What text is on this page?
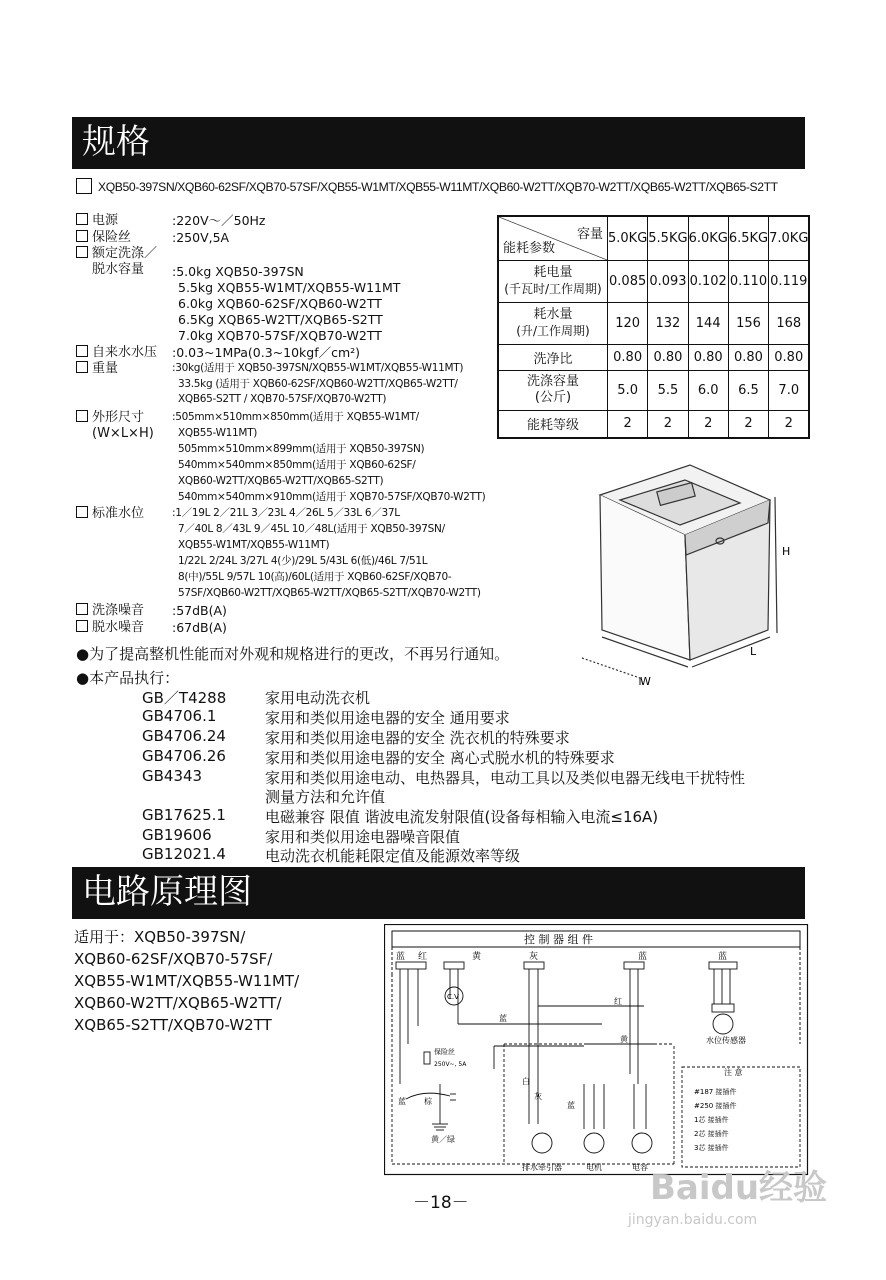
规格
XQB50-397SN/XQB60-62SF/XQB70-57SF/XQB55-W1MT/XQB55-W11MT/XQB60-W2TT/XQB70-W2TT/XQB65-W2TT/XQB65-S2TT
电源	:220V～／50Hz
保险丝	:250V,5A
额定洗涤／
脱水容量 :5.0kg XQB50-397SN
5.5kg XQB55-W1MT/XQB55-W11MT
6.0kg XQB60-62SF/XQB60-W2TT
6.5Kg XQB65-W2TT/XQB65-S2TT
7.0kg XQB70-57SF/XQB70-W2TT
自来水水压 :0.03~1MPa(0.3~10kgf／cm²)
重量	:30kg(适用于 XQB50-397SN/XQB55-W1MT/XQB55-W11MT)
33.5kg (适用于 XQB60-62SF/XQB60-W2TT/XQB65-W2TT/
XQB65-S2TT / XQB70-57SF/XQB70-W2TT)
外形尺寸
(W×L×H)
:505mm×510mm×850mm(适用于 XQB55-W1MT/
XQB55-W11MT)
505mm×510mm×899mm(适用于 XQB50-397SN)
540mm×540mm×850mm(适用于 XQB60-62SF/
XQB60-W2TT/XQB65-W2TT/XQB65-S2TT)
540mm×540mm×910mm(适用于 XQB70-57SF/XQB70-W2TT)
标准水位	:1／19L 2／21L 3／23L 4／26L 5／33L 6／37L
7／40L 8／43L 9／45L 10／48L(适用于 XQB50-397SN/
XQB55-W1MT/XQB55-W11MT)
1/22L 2/24L 3/27L 4(少)/29L 5/43L 6(低)/46L 7/51L
8(中)/55L 9/57L 10(高)/60L(适用于 XQB60-62SF/XQB70-
57SF/XQB60-W2TT/XQB65-W2TT/XQB65-S2TT/XQB70-W2TT)
洗涤噪音 :57dB(A)
脱水噪音 :67dB(A)
容量
能耗参数	5.0KG	5.5KG	6.0KG	6.5KG	7.0KG
耗电量
(千瓦时/工作周期)	0.085	0.093	0.102	0.110	0.119
耗水量
(升/工作周期)	120	132	144	156	168
洗净比	0.80	0.80	0.80	0.80	0.80
洗涤容量
(公斤)	5.0	5.5	6.0	6.5	7.0
能耗等级	2	2	2	2	2
H
L
W
●为了提高整机性能而对外观和规格进行的更改，不再另行通知。
●本产品执行：
GB／T4288	家用电动洗衣机
GB4706.1	家用和类似用途电器的安全 通用要求
GB4706.24	家用和类似用途电器的安全 洗衣机的特殊要求
GB4706.26	家用和类似用途电器的安全 离心式脱水机的特殊要求
GB4343	家用和类似用途电动、电热器具，电动工具以及类似电器无线电干扰特性
测量方法和允许值
GB17625.1	电磁兼容 限值 谐波电流发射限值(设备每相输入电流≤16A)
GB19606	家用和类似用途电器噪音限值
GB12021.4	电动洗衣机能耗限定值及能源效率等级
电路原理图
适用于：XQB50-397SN/
XQB60-62SF/XQB70-57SF/
XQB55-W1MT/XQB55-W11MT/
XQB60-W2TT/XQB65-W2TT/
XQB65-S2TT/XQB70-W2TT
控 制 器 组 件
蓝 红	黄	灰	蓝	蓝
C.V
保险丝
250V~, 5A
蓝 棕
白
灰
蓝
红
黄
蓝
黄／绿
排水牵引器	电机	电容
水位传感器
注 意
#187 接插件
#250 接插件
1芯 接插件
2芯 接插件
3芯 接插件
－18－	Baidu经验
jingyan.baidu.com
